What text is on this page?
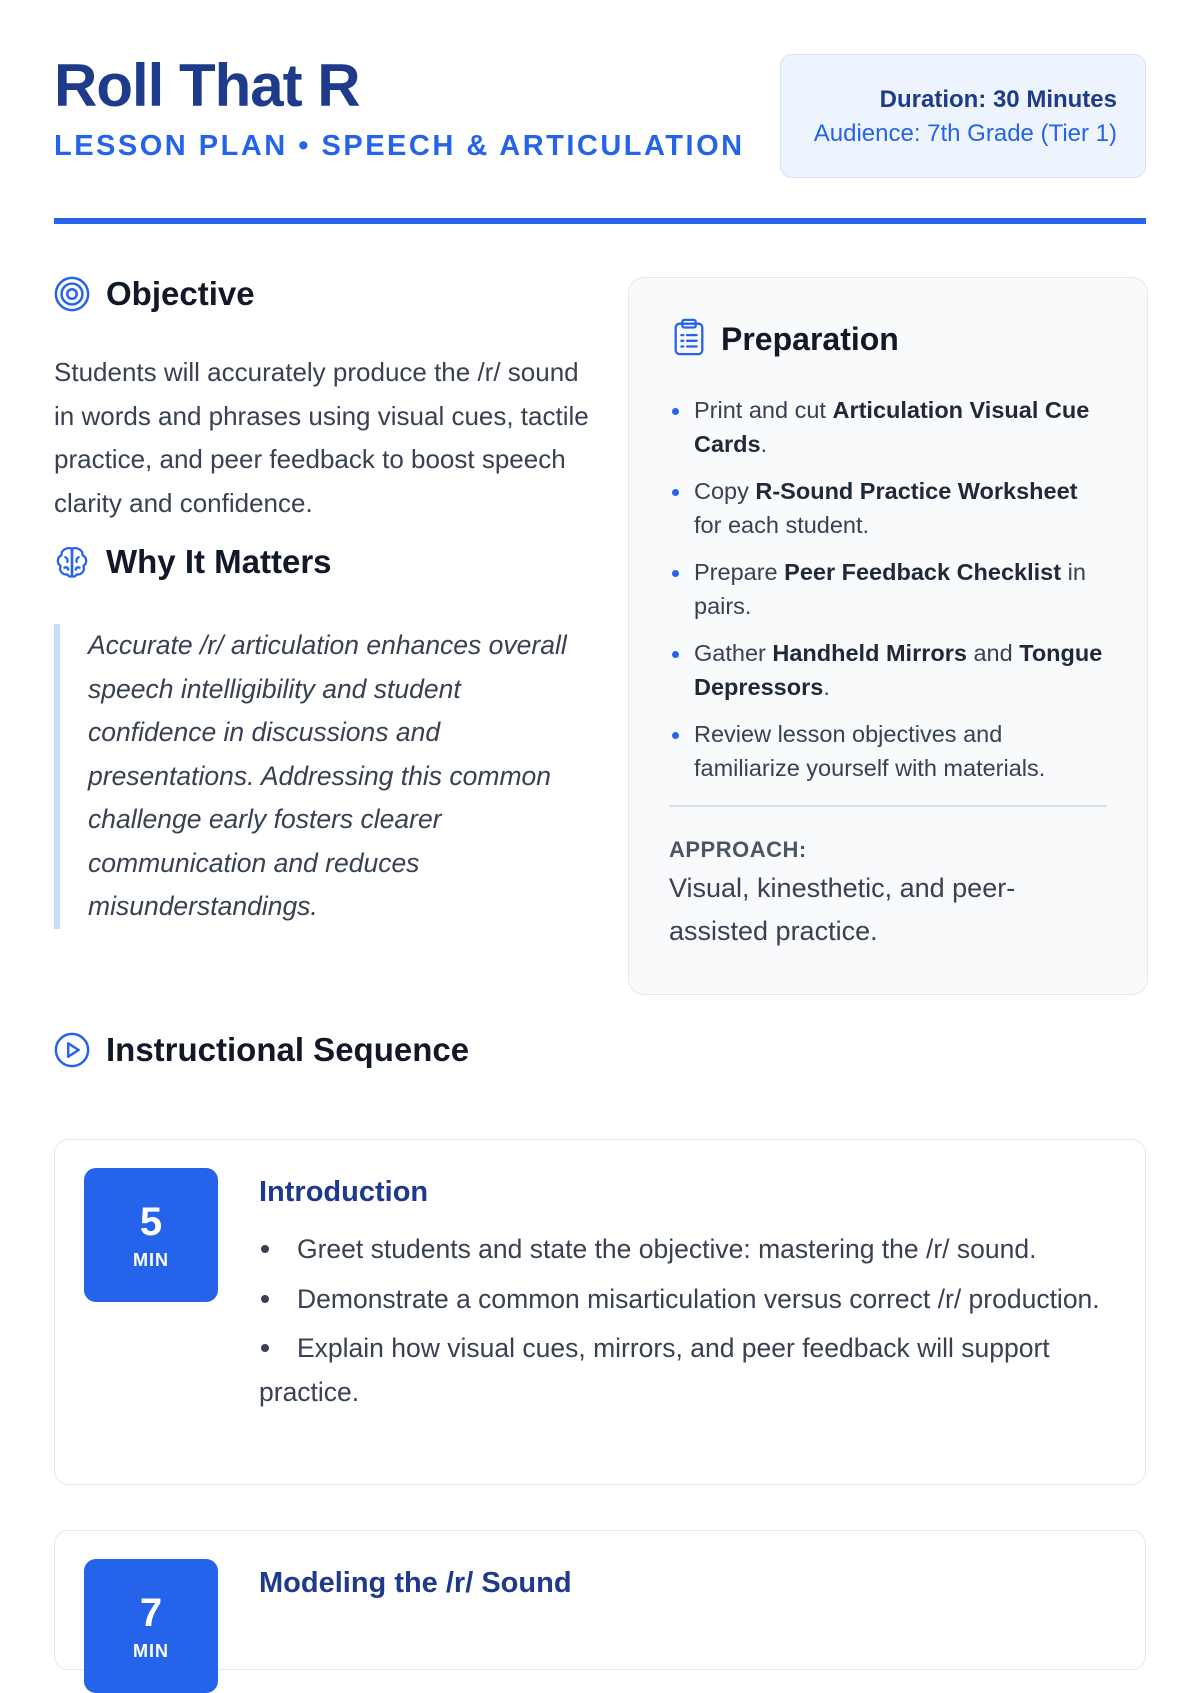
Roll That R
LESSON PLAN • SPEECH & ARTICULATION
Duration: 30 Minutes
Audience: 7th Grade (Tier 1)
Objective

Students will accurately produce the /r/ sound in words and phrases using visual cues, tactile practice, and peer feedback to boost speech clarity and confidence.

Why It Matters
Accurate /r/ articulation enhances overall speech intelligibility and student confidence in discussions and presentations. Addressing this common challenge early fosters clearer communication and reduces misunderstandings.
Preparation
Print and cut Articulation Visual Cue Cards.
Copy R-Sound Practice Worksheet for each student.
Prepare Peer Feedback Checklist in pairs.
Gather Handheld Mirrors and Tongue Depressors.
Review lesson objectives and familiarize yourself with materials.
APPROACH:
Visual, kinesthetic, and peer-assisted practice.
Instructional Sequence
5
MIN
Introduction
Greet students and state the objective: mastering the /r/ sound.
Demonstrate a common misarticulation versus correct /r/ production.
Explain how visual cues, mirrors, and peer feedback will support practice.
7
MIN
Modeling the /r/ Sound
